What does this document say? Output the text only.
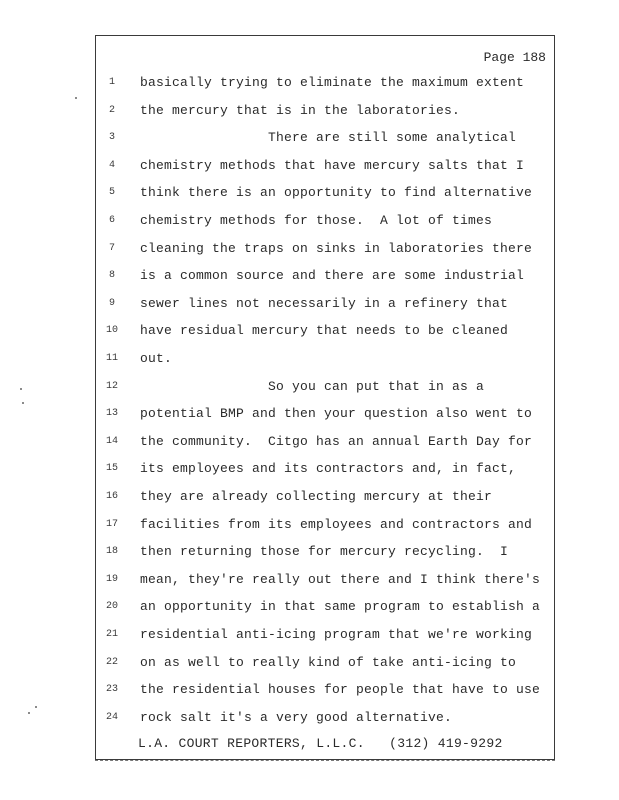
Page 188
1	basically trying to eliminate the maximum extent
2	the mercury that is in the laboratories.
3	There are still some analytical
4	chemistry methods that have mercury salts that I
5	think there is an opportunity to find alternative
6	chemistry methods for those.  A lot of times
7	cleaning the traps on sinks in laboratories there
8	is a common source and there are some industrial
9	sewer lines not necessarily in a refinery that
10	have residual mercury that needs to be cleaned
11	out.
12	So you can put that in as a
13	potential BMP and then your question also went to
14	the community.  Citgo has an annual Earth Day for
15	its employees and its contractors and, in fact,
16	they are already collecting mercury at their
17	facilities from its employees and contractors and
18	then returning those for mercury recycling.  I
19	mean, they're really out there and I think there's
20	an opportunity in that same program to establish a
21	residential anti-icing program that we're working
22	on as well to really kind of take anti-icing to
23	the residential houses for people that have to use
24	rock salt it's a very good alternative.
L.A. COURT REPORTERS, L.L.C.   (312) 419-9292
